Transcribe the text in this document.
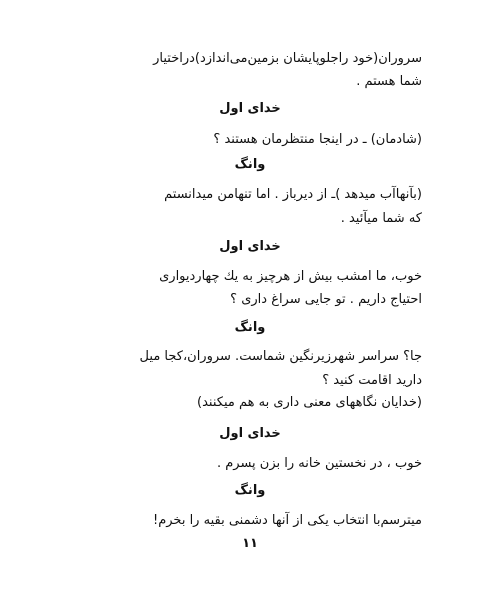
سروران(خود راجلوپایشان بزمین‌می‌اندازد)دراختیار
شما هستم .
خدای اول
(شادمان) ـ در اینجا منتظرمان هستند ؟
وانگ
(بآنهاآب میدهد )ـ از دیرباز . اما تنهامن میدانستم
که شما میآئید .
خدای اول
خوب، ما امشب بیش از هرچیز به یك چهاردیواری
احتیاج داریم . تو جایی سراغ داری ؟
وانگ
جا؟ سراسر شهرزیرنگین شماست. سروران،کجا میل
دارید اقامت کنید ؟
(خدایان نگاههای معنی داری به هم میکنند)
خدای اول
خوب ، در نخستین خانه را بزن پسرم .
وانگ
میترسم‌با انتخاب یکی از آنها دشمنی بقیه را بخرم!
۱۱
